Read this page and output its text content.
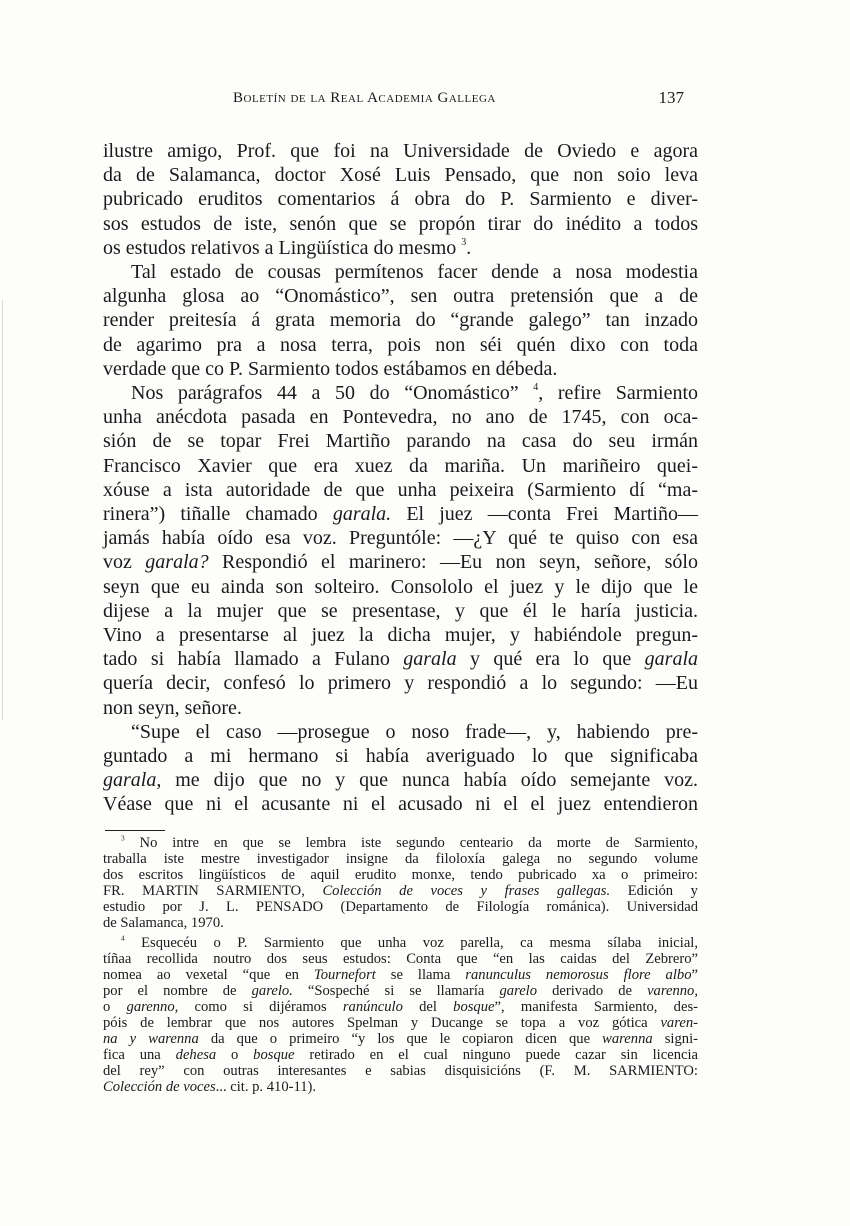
Boletín de la Real Academia Gallega	137
ilustre amigo, Prof. que foi na Universidade de Oviedo e agora
da de Salamanca, doctor Xosé Luis Pensado, que non soio leva
pubricado eruditos comentarios á obra do P. Sarmiento e diver-
sos estudos de iste, senón que se propón tirar do inédito a todos
os estudos relativos a Lingüística do mesmo $^3$.
Tal estado de cousas permítenos facer dende a nosa modestia
algunha glosa ao “Onomástico”, sen outra pretensión que a de
render preitesía á grata memoria do “grande galego” tan inzado
de agarimo pra a nosa terra, pois non séi quén dixo con toda
verdade que co P. Sarmiento todos estábamos en débeda.
Nos parágrafos 44 a 50 do “Onomástico” $^4$, refire Sarmiento
unha anécdota pasada en Pontevedra, no ano de 1745, con oca-
sión de se topar Frei Martiño parando na casa do seu irmán
Francisco Xavier que era xuez da mariña. Un mariñeiro quei-
xóuse a ista autoridade de que unha peixeira (Sarmiento dí “ma-
rinera”) tiñalle chamado garala. El juez —conta Frei Martiño—
jamás había oído esa voz. Preguntóle: —¿Y qué te quiso con esa
voz garala? Respondió el marinero: —Eu non seyn, señore, sólo
seyn que eu ainda son solteiro. Consololo el juez y le dijo que le
dijese a la mujer que se presentase, y que él le haría justicia.
Vino a presentarse al juez la dicha mujer, y habiéndole pregun-
tado si había llamado a Fulano garala y qué era lo que garala
quería decir, confesó lo primero y respondió a lo segundo: —Eu
non seyn, señore.
“Supe el caso —prosegue o noso frade—, y, habiendo pre-
guntado a mi hermano si había averiguado lo que significaba
garala, me dijo que no y que nunca había oído semejante voz.
Véase que ni el acusante ni el acusado ni el el juez entendieron
$^3$ No intre en que se lembra iste segundo centeario da morte de Sarmiento,
traballa iste mestre investigador insigne da filoloxía galega no segundo volume
dos escritos lingüísticos de aquil erudito monxe, tendo pubricado xa o primeiro:
FR. MARTIN SARMIENTO, Colección de voces y frases gallegas. Edición y
estudio por J. L. PENSADO (Departamento de Filología románica). Universidad
de Salamanca, 1970.
$^4$ Esquecéu o P. Sarmiento que unha voz parella, ca mesma sílaba inicial,
tíñaa recollida noutro dos seus estudos: Conta que “en las caidas del Zebrero”
nomea ao vexetal “que en Tournefort se llama ranunculus nemorosus flore albo”
por el nombre de garelo. “Sospeché si se llamaría garelo derivado de varenno,
o garenno, como si dijéramos ranúnculo del bosque”, manifesta Sarmiento, des-
póis de lembrar que nos autores Spelman y Ducange se topa a voz gótica varen-
na y warenna da que o primeiro “y los que le copiaron dicen que warenna signi-
fica una dehesa o bosque retirado en el cual ninguno puede cazar sin licencia
del rey” con outras interesantes e sabias disquisicións (F. M. SARMIENTO:
Colección de voces... cit. p. 410-11).
